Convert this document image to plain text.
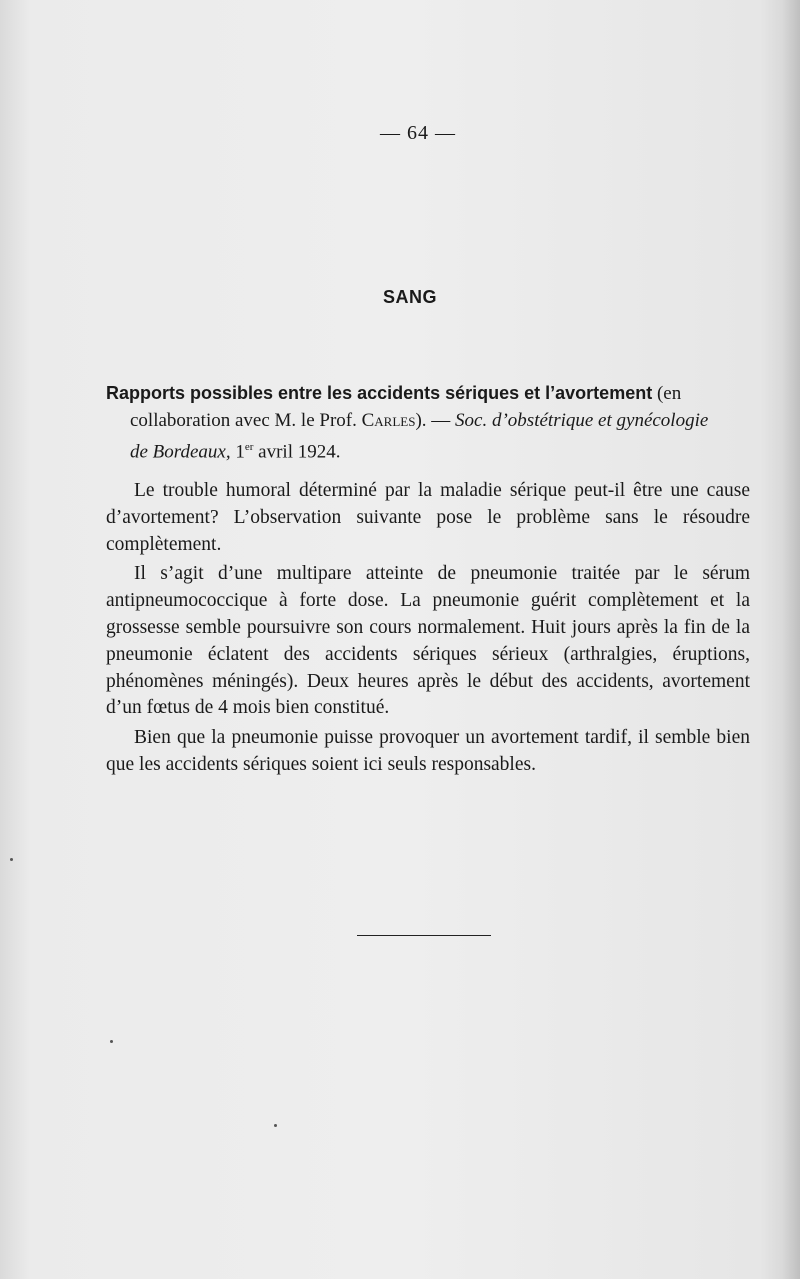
— 64 —
SANG
Rapports possibles entre les accidents sériques et l’avortement (en
collaboration avec M. le Prof. Carles). — Soc. d’obstétrique et gynécologie
de Bordeaux, 1er avril 1924.

Le trouble humoral déterminé par la maladie sérique peut-il être une cause d’avortement? L’observation suivante pose le problème sans le résoudre complètement.

Il s’agit d’une multipare atteinte de pneumonie traitée par le sérum antipneumococcique à forte dose. La pneumonie guérit complètement et la grossesse semble poursuivre son cours normalement. Huit jours après la fin de la pneumonie éclatent des accidents sériques sérieux (arthralgies, éruptions, phénomènes méningés). Deux heures après le début des accidents, avortement d’un fœtus de 4 mois bien constitué.

Bien que la pneumonie puisse provoquer un avortement tardif, il semble bien que les accidents sériques soient ici seuls responsables.
